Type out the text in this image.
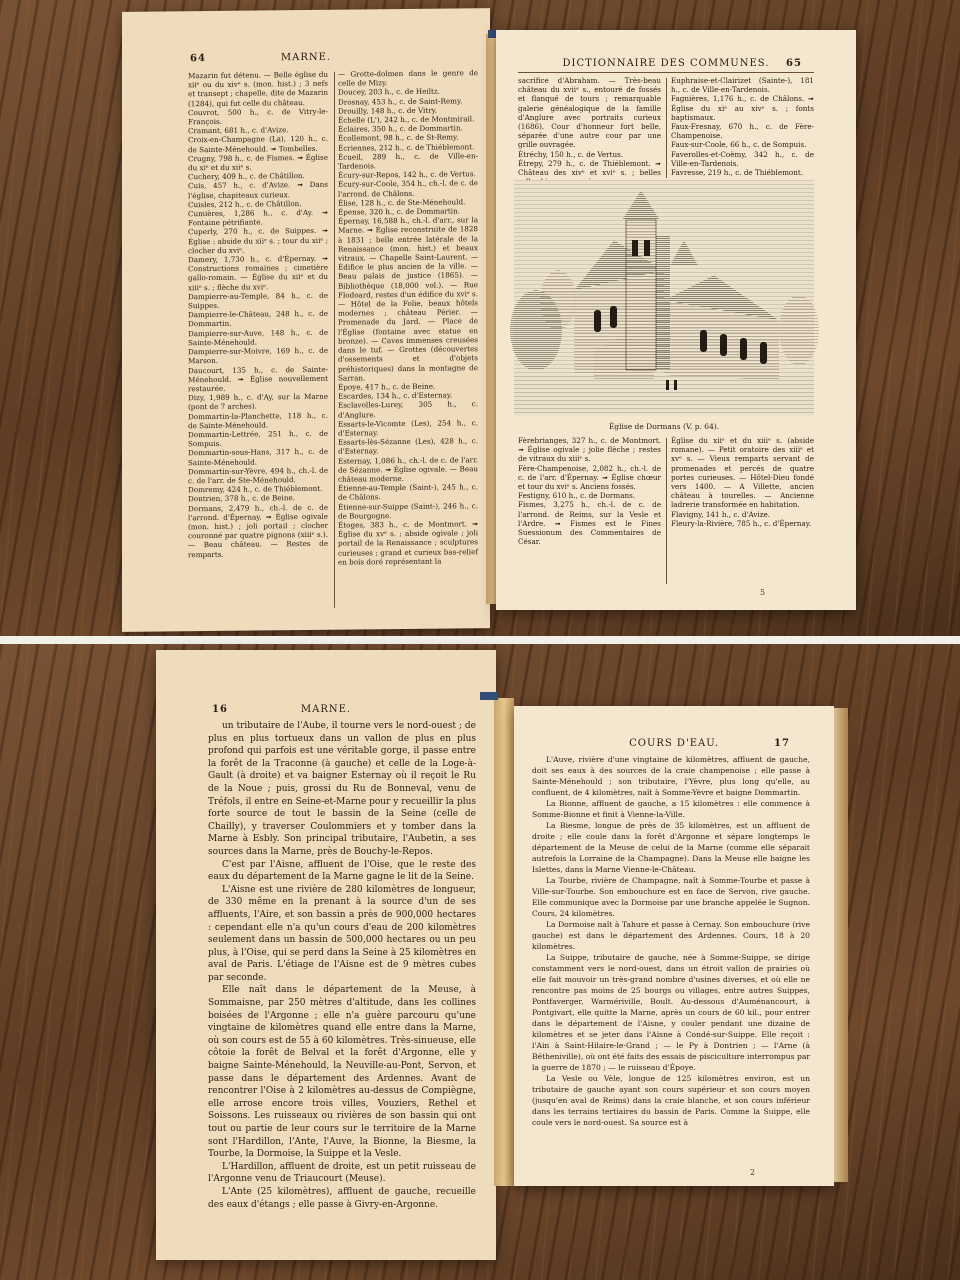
64	MARNE.

Mazarin fut détenu. — Belle église du xiiᵉ ou du xivᵉ s. (mon. hist.) ; 3 nefs et transept ; chapelle, dite de Mazarin (1284), qui fut celle du château.

Couvrot, 500 h., c. de Vitry-le-François.

Cramant, 681 h., c. d'Avize.

Croix-en-Champagne (La), 120 h., c. de Sainte-Ménehould. ➟ Tombelles.

Crugny, 798 h., c. de Fismes. ➟ Église du xiᵉ et du xiiᵉ s.

Cuchery, 409 h., c. de Châtillon.

Cuis, 457 h., c. d'Avize. ➟ Dans l'église, chapiteaux curieux.

Cuisles, 212 h., c. de Châtillon.

Cumières, 1,286 h., c. d'Ay. ➟ Fontaine pétrifiante.

Cuperly, 270 h., c. de Suippes. ➟ Église : abside du xiiᵉ s. ; tour du xiiᵉ ; clocher du xviᵉ.

Damery, 1,730 h., c. d'Épernay. ➟ Constructions romaines ; cimetière gallo-romain. — Église du xiiᵉ et du xiiiᵉ s. ; flèche du xviᵉ.

Dampierre-au-Temple, 84 h., c. de Suippes.

Dampierre-le-Château, 248 h., c. de Dommartin.

Dampierre-sur-Auve, 148 h., c. de Sainte-Ménehould.

Dampierre-sur-Moivre, 169 h., c. de Marson.

Daucourt, 135 h., c. de Sainte-Ménehould. ➟ Église nouvellement restaurée.

Dizy, 1,989 h., c. d'Ay, sur la Marne (pont de 7 arches).

Dommartin-la-Planchette, 118 h., c. de Sainte-Ménehould.

Dommartin-Lettrée, 251 h., c. de Sompuis.

Dommartin-sous-Hans, 317 h., c. de Sainte-Ménehould.

Dommartin-sur-Yèvre, 494 h., ch.-l. de c. de l'arr. de Ste-Ménehould.

Domremy, 424 h., c. de Thiéblemont.

Dontrien, 378 h., c. de Beine.

Dormans, 2,479 h., ch.-l. de c. de l'arrond. d'Épernay. ➟ Église ogivale (mon. hist.) ; joli portail ; clocher couronné par quatre pignons (xiiiᵉ s.). — Beau château. — Restes de remparts.

— Grotte-dolmen dans le genre de celle de Mizy.

Doucey, 203 h., c. de Heiltz.

Drosnay, 453 h., c. de Saint-Remy.

Drouilly, 148 h., c. de Vitry.

Échelle (L'), 242 h., c. de Montmirail.

Éclaires, 350 h., c. de Dommartin.

Écollemont, 98 h., c. de St-Remy.

Écriennes, 212 h., c. de Thiéblemont.

Écueil, 289 h., c. de Ville-en-Tardenois.

Écury-sur-Repos, 142 h., c. de Vertus.

Écury-sur-Coole, 354 h., ch.-l. de c. de l'arrond. de Châlons.

Élise, 128 h., c. de Ste-Ménehould.

Épense, 320 h., c. de Dommartin.

Épernay, 16,588 h., ch.-l. d'arr., sur la Marne. ➟ Église reconstruite de 1828 à 1831 ; belle entrée latérale de la Renaissance (mon. hist.) et beaux vitraux. — Chapelle Saint-Laurent. — Édifice le plus ancien de la ville. — Beau palais de justice (1865). — Bibliothèque (18,000 vol.). — Rue Flodoard, restes d'un édifice du xviᵉ s. — Hôtel de la Folie, beaux hôtels modernes ; château Périer. — Promenade du Jard. — Place de l'Église (fontaine avec statue en bronze). — Caves immenses creusées dans le tuf. — Grottes (découvertes d'ossements et d'objets préhistoriques) dans la montagne de Sarran.

Époye, 417 h., c. de Beine.

Escardes, 134 h., c. d'Esternay.

Esclavolles-Lurey, 305 h., c. d'Anglure.

Essarts-le-Vicomte (Les), 254 h., c. d'Esternay.

Essarts-lès-Sézanne (Les), 428 h., c. d'Esternay.

Esternay, 1,086 h., ch.-l. de c. de l'arr. de Sézanne. ➟ Église ogivale. — Beau château moderne.

Étienne-au-Temple (Saint-), 245 h., c. de Châlons.

Étienne-sur-Suippe (Saint-), 246 h., c. de Bourgogne.

Étoges, 383 h., c. de Montmort. ➟ Église du xvᵉ s. ; abside ogivale ; joli portail de la Renaissance ; sculptures curieuses ; grand et curieux bas-relief en bois doré représentant la

DICTIONNAIRE DES COMMUNES.	65

sacrifice d'Abraham. — Très-beau château du xviiᵉ s., entouré de fossés et flanqué de tours ; remarquable galerie généalogique de la famille d'Anglure avec portraits curieux (1686). Cour d'honneur fort belle, séparée d'une autre cour par une grille ouvragée.

Étréchy, 150 h., c. de Vertus.

Étrepy, 279 h., c. de Thiéblemont. ➟ Château des xivᵉ et xviᵉ s. ; belles

Euphraise-et-Clairizet (Sainte-), 181 h., c. de Ville-en-Tardenois.

Fagnières, 1,176 h., c. de Châlons. ➟ Église du xiᵉ au xivᵉ s. ; fonts baptismaux.

Faux-Fresnay, 670 h., c. de Fère-Champenoise.

Faux-sur-Coole, 66 h., c. de Sompuis.

Faverolles-et-Coëmy, 342 h., c. de Ville-en-Tardenois.

Favresse, 219 h., c. de Thiéblemont.

Église de Dormans (V. p. 64).

Fèrebrianges, 327 h., c. de Montmort. ➟ Église ogivale ; jolie flèche ; restes de vitraux du xiiiᵉ s.

Fère-Champenoise, 2,082 h., ch.-l. de c. de l'arr. d'Épernay. ➟ Église chœur et tour du xviᵉ s. Anciens fossés.

Festigny, 610 h., c. de Dormans.

Fismes, 3,275 h., ch.-l. de c. de l'arrond. de Reims, sur la Vesle et l'Ardre. ➟ Fismes est le Fines Suessionum des Commentaires de César.

Église du xiiᵉ et du xiiiᵉ s. (abside romane). — Petit oratoire des xiiiᵉ et xvᵉ s. — Vieux remparts servant de promenades et percés de quatre portes curieuses. — Hôtel-Dieu fondé vers 1400. — A Villette, ancien château à tourelles. — Ancienne ladrerie transformée en habitation.

Flavigny, 141 h., c. d'Avize.

Fleury-la-Rivière, 785 h., c. d'Épernay.

5
16	MARNE.

un tributaire de l'Aube, il tourne vers le nord-ouest ; de plus en plus tortueux dans un vallon de plus en plus profond qui parfois est une véritable gorge, il passe entre la forêt de la Traconne (à gauche) et celle de la Loge-à-Gault (à droite) et va baigner Esternay où il reçoit le Ru de la Noue ; puis, grossi du Ru de Bonneval, venu de Tréfols, il entre en Seine-et-Marne pour y recueillir la plus forte source de tout le bassin de la Seine (celle de Chailly), y traverser Coulommiers et y tomber dans la Marne à Esbly. Son principal tributaire, l'Aubetin, a ses sources dans la Marne, près de Bouchy-le-Repos.

C'est par l'Aisne, affluent de l'Oise, que le reste des eaux du département de la Marne gagne le lit de la Seine.

L'Aisne est une rivière de 280 kilomètres de longueur, de 330 même en la prenant à la source d'un de ses affluents, l'Aire, et son bassin a près de 900,000 hectares : cependant elle n'a qu'un cours d'eau de 200 kilomètres seulement dans un bassin de 500,000 hectares ou un peu plus, à l'Oise, qui se perd dans la Seine à 25 kilomètres en aval de Paris. L'étiage de l'Aisne est de 9 mètres cubes par seconde.

Elle naît dans le département de la Meuse, à Sommaisne, par 250 mètres d'altitude, dans les collines boisées de l'Argonne ; elle n'a guère parcouru qu'une vingtaine de kilomètres quand elle entre dans la Marne, où son cours est de 55 à 60 kilomètres. Très-sinueuse, elle côtoie la forêt de Belval et la forêt d'Argonne, elle y baigne Sainte-Ménehould, la Neuville-au-Pont, Servon, et passe dans le département des Ardennes. Avant de rencontrer l'Oise à 2 kilomètres au-dessus de Compiègne, elle arrose encore trois villes, Vouziers, Rethel et Soissons. Les ruisseaux ou rivières de son bassin qui ont tout ou partie de leur cours sur le territoire de la Marne sont l'Hardillon, l'Ante, l'Auve, la Bionne, la Biesme, la Tourbe, la Dormoise, la Suippe et la Vesle.

L'Hardillon, affluent de droite, est un petit ruisseau de l'Argonne venu de Triaucourt (Meuse).

L'Ante (25 kilomètres), affluent de gauche, recueille des eaux d'étangs ; elle passe à Givry-en-Argonne.

COURS D'EAU.	17

L'Auve, rivière d'une vingtaine de kilomètres, affluent de gauche, doit ses eaux à des sources de la craie champenoise ; elle passe à Sainte-Ménehould ; son tributaire, l'Yèvre, plus long qu'elle, au confluent, de 4 kilomètres, naît à Somme-Yèvre et baigne Dommartin.

La Bionne, affluent de gauche, a 15 kilomètres : elle commence à Somme-Bionne et finit à Vienne-la-Ville.

La Biesme, longue de près de 35 kilomètres, est un affluent de droite ; elle coule dans la forêt d'Argonne et sépare longtemps le département de la Meuse de celui de la Marne (comme elle séparait autrefois la Lorraine de la Champagne). Dans la Meuse elle baigne les Islettes, dans la Marne Vienne-le-Château.

La Tourbe, rivière de Champagne, naît à Somme-Tourbe et passe à Ville-sur-Tourbe. Son embouchure est en face de Servon, rive gauche. Elle communique avec la Dormoise par une branche appelée le Sugnon. Cours, 24 kilomètres.

La Dormoise naît à Tahure et passe à Cernay. Son embouchure (rive gauche) est dans le département des Ardennes. Cours, 18 à 20 kilomètres.

La Suippe, tributaire de gauche, née à Somme-Suippe, se dirige constamment vers le nord-ouest, dans un étroit vallon de prairies où elle fait mouvoir un très-grand nombre d'usines diverses, et où elle ne rencontre pas moins de 25 bourgs ou villages, entre autres Suippes, Pontfaverger, Warmériville, Boult. Au-dessous d'Auménancourt, à Pontgivart, elle quitte la Marne, après un cours de 60 kil., pour entrer dans le département de l'Aisne, y couler pendant une dizaine de kilomètres et se jeter dans l'Aisne à Condé-sur-Suippe. Elle reçoit : l'Ain à Saint-Hilaire-le-Grand ; — le Py à Dontrien ; — l'Arne (à Bétheniville), où ont été faits des essais de pisciculture interrompus par la guerre de 1870 ; — le ruisseau d'Époye.

La Vesle ou Vèle, longue de 125 kilomètres environ, est un tributaire de gauche ayant son cours supérieur et son cours moyen (jusqu'en aval de Reims) dans la craie blanche, et son cours inférieur dans les terrains tertiaires du bassin de Paris. Comme la Suippe, elle coule vers le nord-ouest. Sa source est à

2
